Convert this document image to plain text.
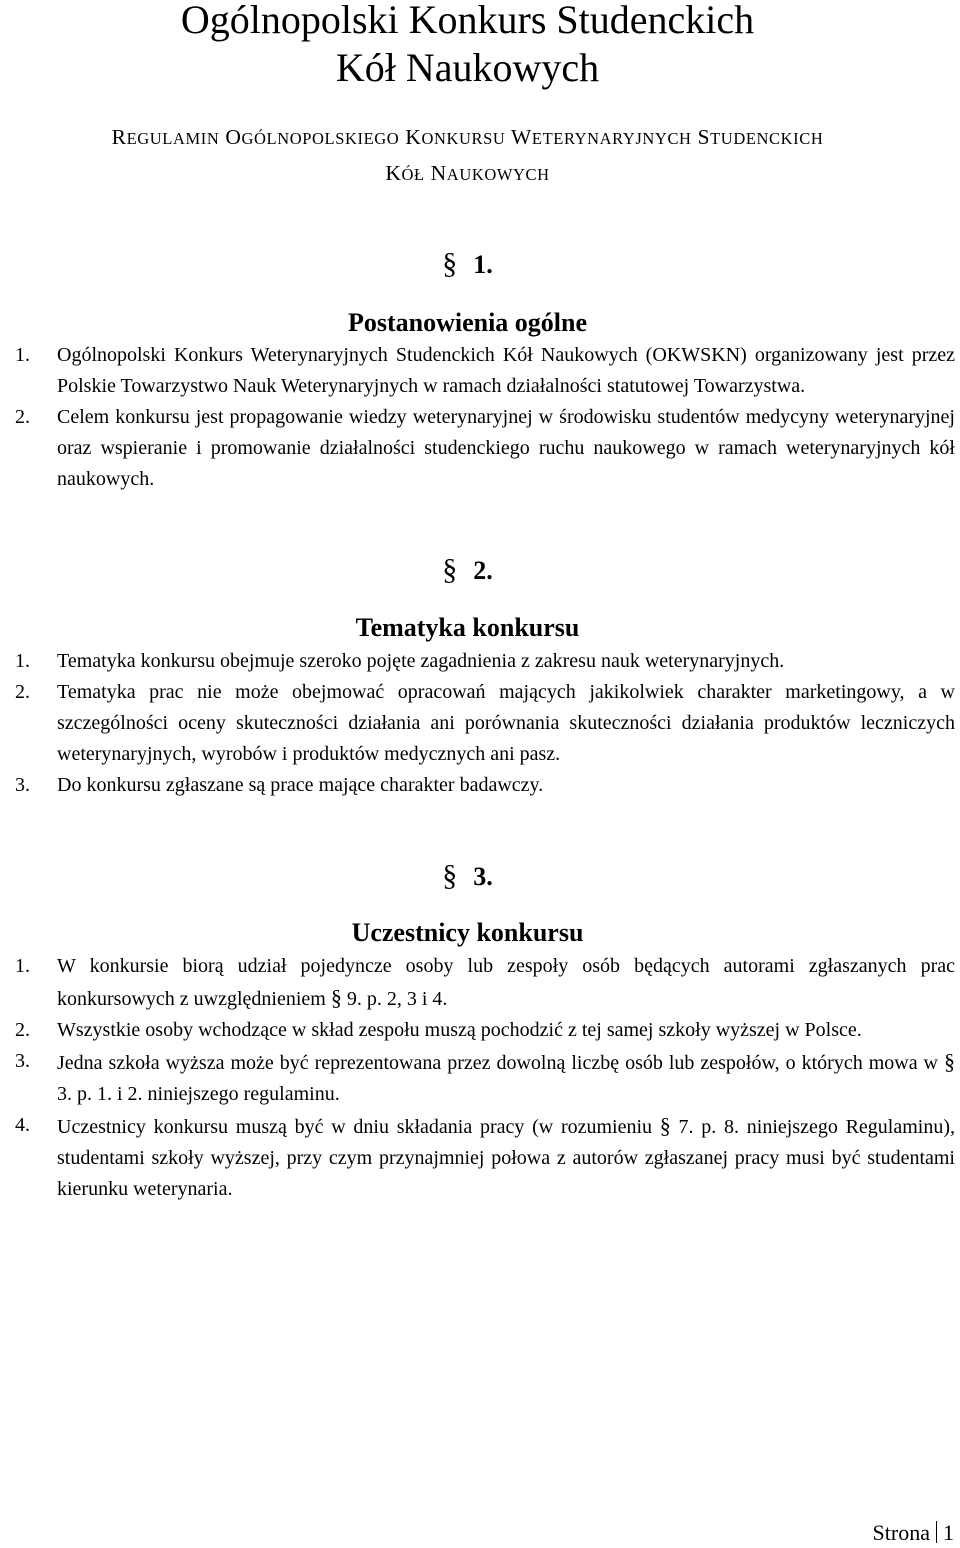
Ogólnopolski Konkurs Studenckich
Kół Naukowych
REGULAMIN OGÓLNOPOLSKIEGO KONKURSU WETERYNARYJNYCH STUDENCKICH
KÓŁ NAUKOWYCH
§ 1.
Postanowienia ogólne
1. Ogólnopolski Konkurs Weterynaryjnych Studenckich Kół Naukowych (OKWSKN) organizowany jest przez Polskie Towarzystwo Nauk Weterynaryjnych w ramach działalności statutowej Towarzystwa.
2. Celem konkursu jest propagowanie wiedzy weterynaryjnej w środowisku studentów medycyny weterynaryjnej oraz wspieranie i promowanie działalności studenckiego ruchu naukowego w ramach weterynaryjnych kół naukowych.
§ 2.
Tematyka konkursu
1. Tematyka konkursu obejmuje szeroko pojęte zagadnienia z zakresu nauk weterynaryjnych.
2. Tematyka prac nie może obejmować opracowań mających jakikolwiek charakter marketingowy, a w szczególności oceny skuteczności działania ani porównania skuteczności działania produktów leczniczych weterynaryjnych, wyrobów i produktów medycznych ani pasz.
3. Do konkursu zgłaszane są prace mające charakter badawczy.
§ 3.
Uczestnicy konkursu
1. W konkursie biorą udział pojedyncze osoby lub zespoły osób będących autorami zgłaszanych prac konkursowych z uwzględnieniem § 9. p. 2, 3 i 4.
2. Wszystkie osoby wchodzące w skład zespołu muszą pochodzić z tej samej szkoły wyższej w Polsce.
3. Jedna szkoła wyższa może być reprezentowana przez dowolną liczbę osób lub zespołów, o których mowa w § 3. p. 1. i 2. niniejszego regulaminu.
4. Uczestnicy konkursu muszą być w dniu składania pracy (w rozumieniu § 7. p. 8. niniejszego Regulaminu), studentami szkoły wyższej, przy czym przynajmniej połowa z autorów zgłaszanej pracy musi być studentami kierunku weterynaria.
Strona 1
